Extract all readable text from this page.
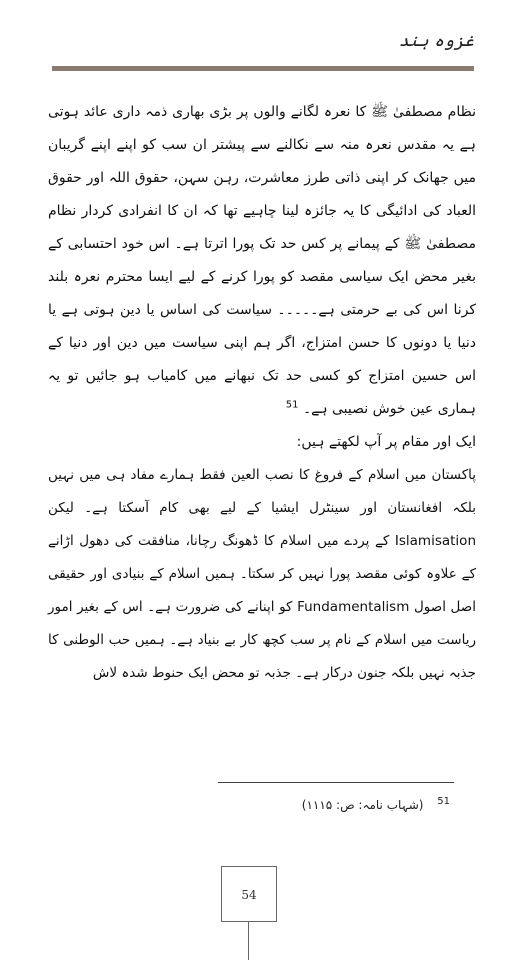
غزوہ ہند

نظام مصطفیٰ ﷺ کا نعرہ لگانے والوں پر بڑی بھاری ذمہ داری عائد ہوتی ہے یہ مقدس نعرہ منہ سے نکالنے سے پیشتر ان سب کو اپنے اپنے گریبان میں جھانک کر اپنی ذاتی طرز معاشرت، رہن سہن، حقوق اللہ اور حقوق العباد کی ادائیگی کا یہ جائزہ لینا چاہیے تھا کہ ان کا انفرادی کردار نظام مصطفیٰ ﷺ کے پیمانے پر کس حد تک پورا اترتا ہے۔ اس خود احتسابی کے بغیر محض ایک سیاسی مقصد کو پورا کرنے کے لیے ایسا محترم نعرہ بلند کرنا اس کی بے حرمتی ہے۔۔۔۔۔ سیاست کی اساس یا دین ہوتی ہے یا دنیا یا دونوں کا حسن امتزاج، اگر ہم اپنی سیاست میں دین اور دنیا کے اس حسین امتزاج کو کسی حد تک نبھانے میں کامیاب ہو جائیں تو یہ ہماری عین خوش نصیبی ہے۔ $^{51}$

ایک اور مقام پر آپ لکھتے ہیں:

پاکستان میں اسلام کے فروغ کا نصب العین فقط ہمارے مفاد ہی میں نہیں بلکہ افغانستان اور سینٹرل ایشیا کے لیے بھی کام آسکتا ہے۔ لیکن Islamisation کے پردے میں اسلام کا ڈھونگ رچانا، منافقت کی دھول اڑانے کے علاوہ کوئی مقصد پورا نہیں کر سکتا۔ ہمیں اسلام کے بنیادی اور حقیقی اصل اصول Fundamentalism کو اپنانے کی ضرورت ہے۔ اس کے بغیر امور ریاست میں اسلام کے نام پر سب کچھ کار بے بنیاد ہے۔ ہمیں حب الوطنی کا جذبہ نہیں بلکہ جنون درکار ہے۔ جذبہ تو محض ایک حنوط شدہ لاش

$^{51}$ (شہاب نامہ: ص: ۱۱۱۵)
54
